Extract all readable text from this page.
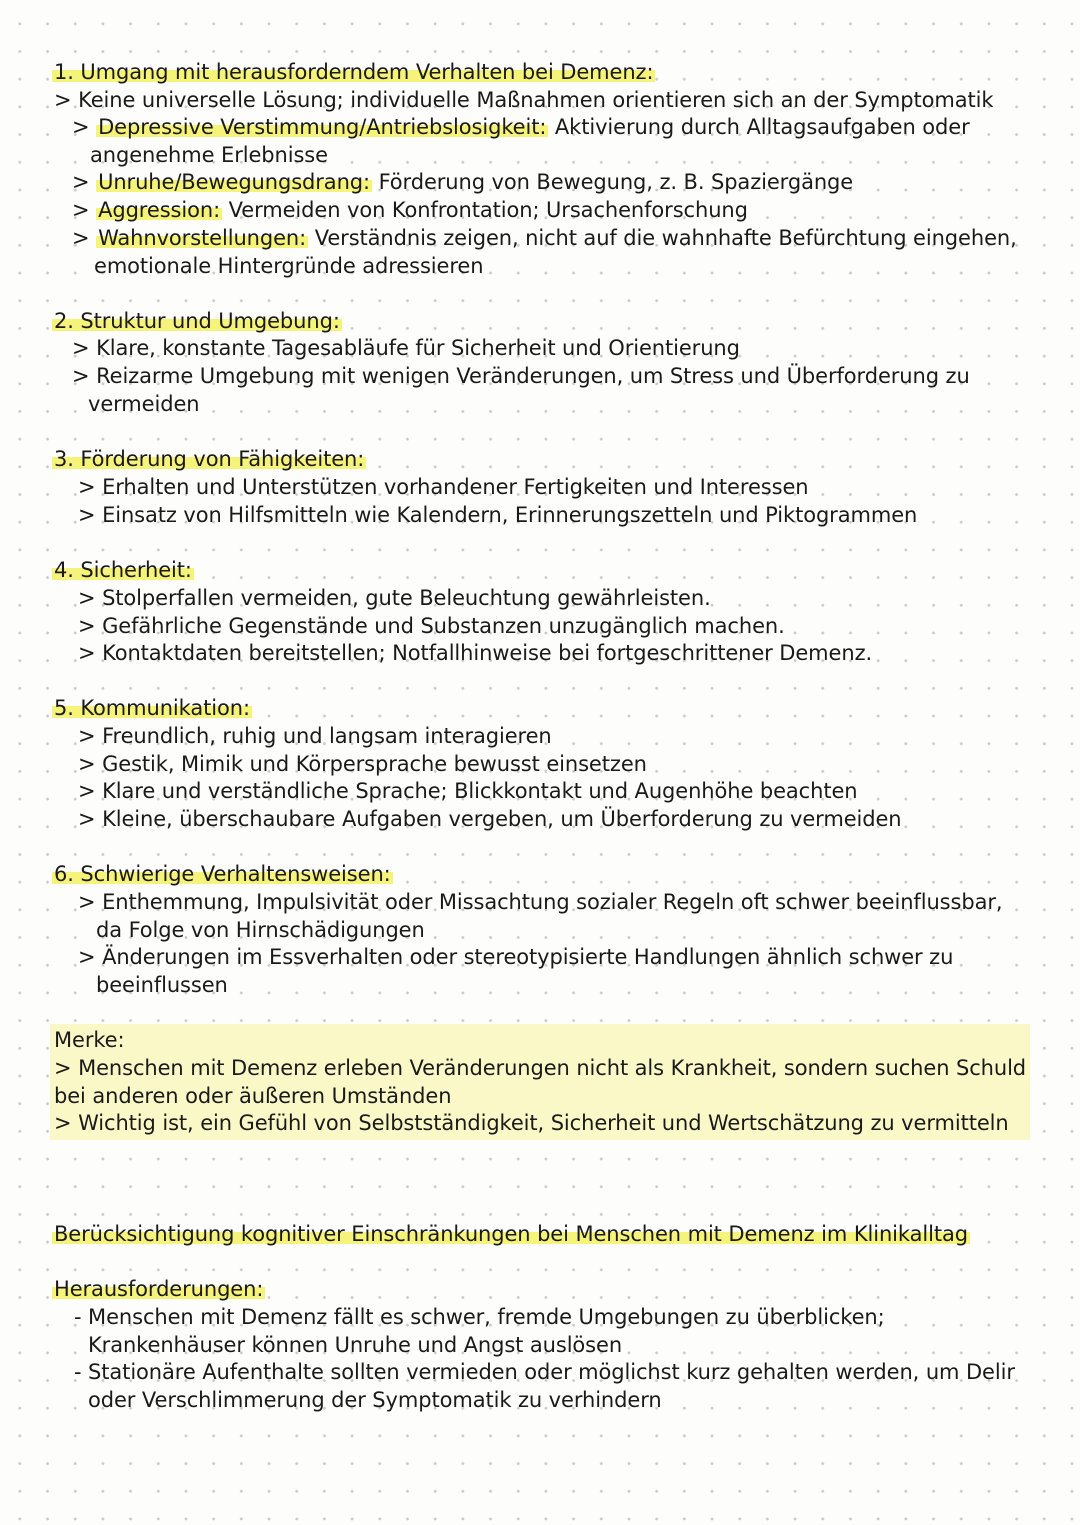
1. Umgang mit herausforderndem Verhalten bei Demenz:
> Keine universelle Lösung; individuelle Maßnahmen orientieren sich an der Symptomatik
> Depressive Verstimmung/Antriebslosigkeit: Aktivierung durch Alltagsaufgaben oder
angenehme Erlebnisse
> Unruhe/Bewegungsdrang: Förderung von Bewegung, z. B. Spaziergänge
> Aggression: Vermeiden von Konfrontation; Ursachenforschung
> Wahnvorstellungen: Verständnis zeigen, nicht auf die wahnhafte Befürchtung eingehen,
emotionale Hintergründe adressieren
2. Struktur und Umgebung:
> Klare, konstante Tagesabläufe für Sicherheit und Orientierung
> Reizarme Umgebung mit wenigen Veränderungen, um Stress und Überforderung zu
vermeiden
3. Förderung von Fähigkeiten:
> Erhalten und Unterstützen vorhandener Fertigkeiten und Interessen
> Einsatz von Hilfsmitteln wie Kalendern, Erinnerungszetteln und Piktogrammen
4. Sicherheit:
> Stolperfallen vermeiden, gute Beleuchtung gewährleisten.
> Gefährliche Gegenstände und Substanzen unzugänglich machen.
> Kontaktdaten bereitstellen; Notfallhinweise bei fortgeschrittener Demenz.
5. Kommunikation:
> Freundlich, ruhig und langsam interagieren
> Gestik, Mimik und Körpersprache bewusst einsetzen
> Klare und verständliche Sprache; Blickkontakt und Augenhöhe beachten
> Kleine, überschaubare Aufgaben vergeben, um Überforderung zu vermeiden
6. Schwierige Verhaltensweisen:
> Enthemmung, Impulsivität oder Missachtung sozialer Regeln oft schwer beeinflussbar,
da Folge von Hirnschädigungen
> Änderungen im Essverhalten oder stereotypisierte Handlungen ähnlich schwer zu
beeinflussen
Merke:
> Menschen mit Demenz erleben Veränderungen nicht als Krankheit, sondern suchen Schuld
bei anderen oder äußeren Umständen
> Wichtig ist, ein Gefühl von Selbstständigkeit, Sicherheit und Wertschätzung zu vermitteln
Berücksichtigung kognitiver Einschränkungen bei Menschen mit Demenz im Klinikalltag
Herausforderungen:
- Menschen mit Demenz fällt es schwer, fremde Umgebungen zu überblicken;
Krankenhäuser können Unruhe und Angst auslösen
- Stationäre Aufenthalte sollten vermieden oder möglichst kurz gehalten werden, um Delir
oder Verschlimmerung der Symptomatik zu verhindern
